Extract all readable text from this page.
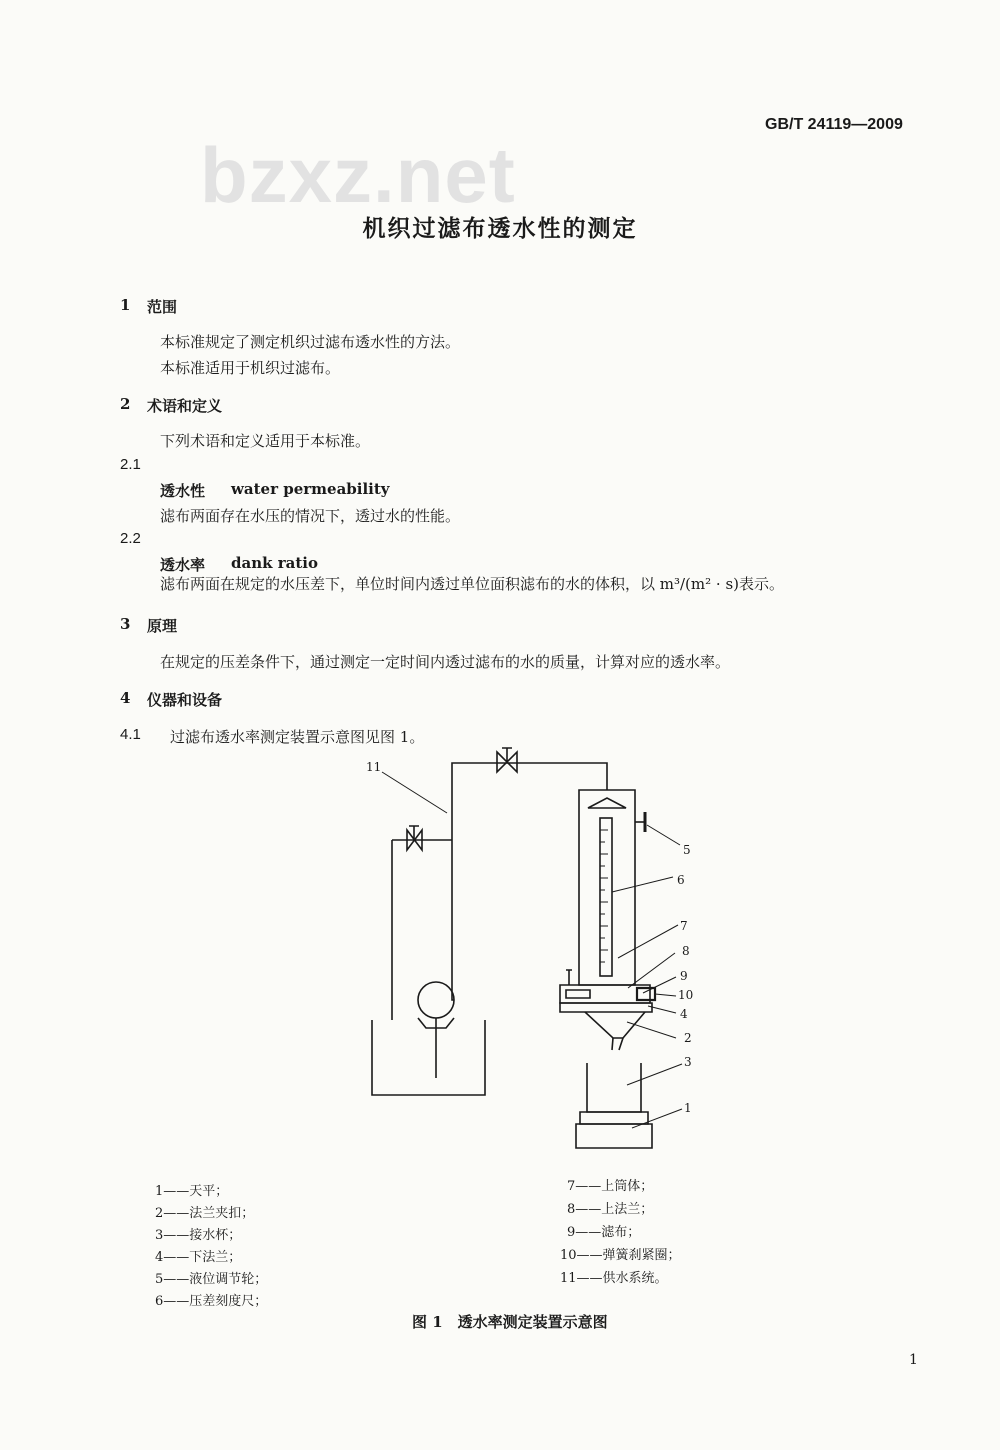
GB/T 24119—2009
bzxz.net
机织过滤布透水性的测定
1 范围
本标准规定了测定机织过滤布透水性的方法。
本标准适用于机织过滤布。
2 术语和定义
下列术语和定义适用于本标准。
2.1
透水性 water permeability
滤布两面存在水压的情况下，透过水的性能。
2.2
透水率 dank ratio
滤布两面在规定的水压差下，单位时间内透过单位面积滤布的水的体积，以 m³/(m² · s)表示。
3 原理
在规定的压差条件下，通过测定一定时间内透过滤布的水的质量，计算对应的透水率。
4 仪器和设备
4.1 过滤布透水率测定装置示意图见图 1。
11
5
6
7
8
9
10
4
2
3
1
1——天平；
2——法兰夹扣；
3——接水杯；
4——下法兰；
5——液位调节轮；
6——压差刻度尺；
7——上筒体；
8——上法兰；
9——滤布；
10——弹簧刹紧圈；
11——供水系统。
图 1　透水率测定装置示意图
1
